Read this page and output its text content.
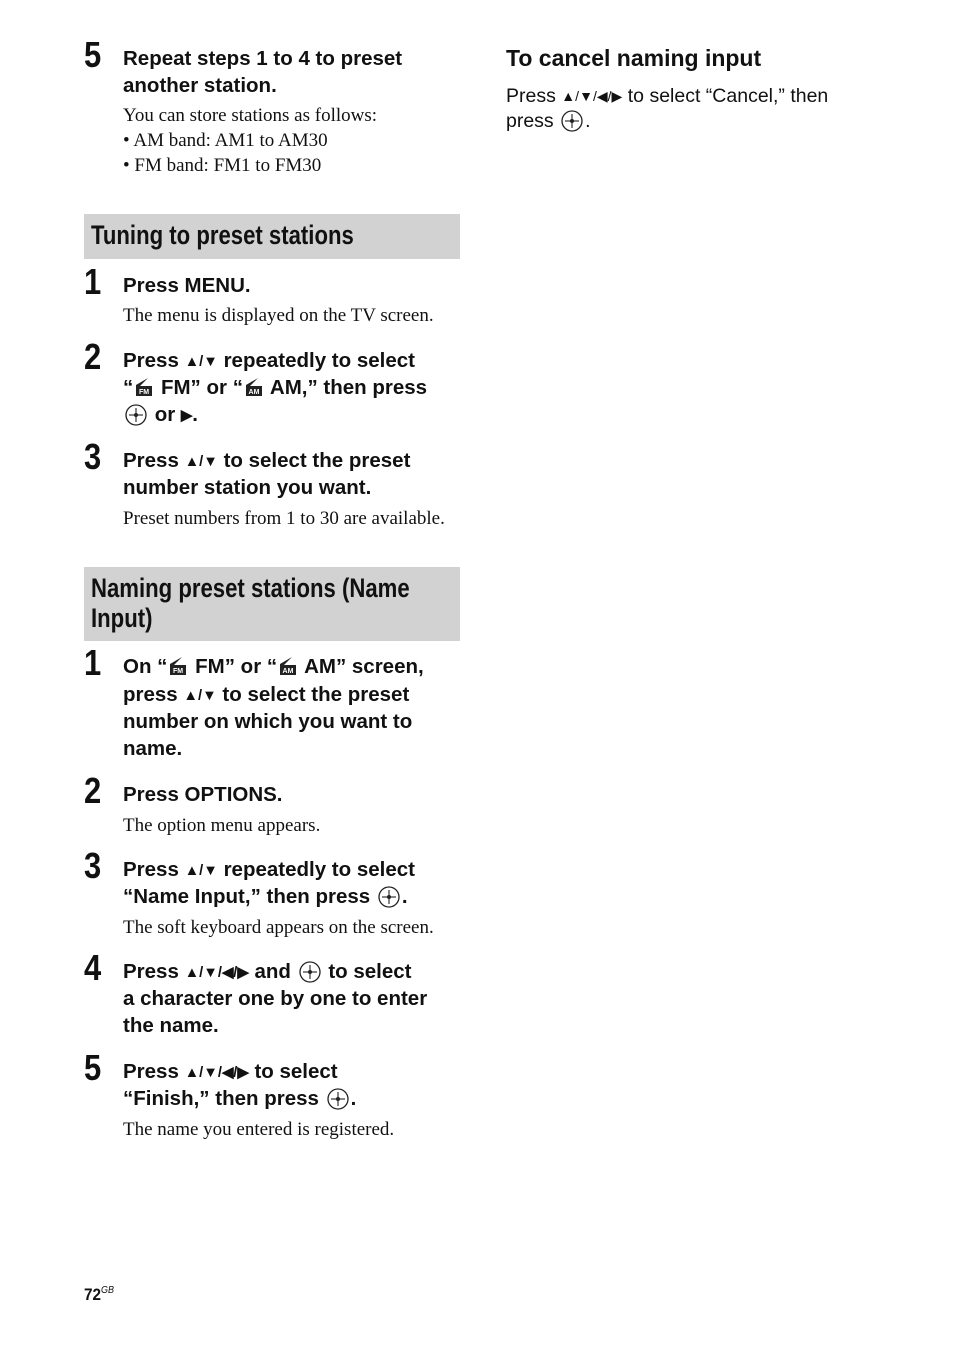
5 Repeat steps 1 to 4 to preset
another station.
You can store stations as follows:
• AM band: AM1 to AM30
• FM band: FM1 to FM30
Tuning to preset stations
1 Press MENU.
The menu is displayed on the TV screen.
2 Press ▲/▼ repeatedly to select
“ FM FM” or “ AM AM,” then press
or ▶.
3 Press ▲/▼ to select the preset
number station you want.
Preset numbers from 1 to 30 are available.
Naming preset stations (Name
Input)
1 On “ FM FM” or “ AM AM” screen,
press ▲/▼ to select the preset
number on which you want to
name.
2 Press OPTIONS.
The option menu appears.
3 Press ▲/▼ repeatedly to select
“Name Input,” then press .
The soft keyboard appears on the screen.
4 Press ▲/▼/◀/▶ and to select
a character one by one to enter
the name.
5 Press ▲/▼/◀/▶ to select
“Finish,” then press .
The name you entered is registered.
To cancel naming input
Press ▲/▼/◀/▶ to select “Cancel,” then
press .
$72^{GB}$
